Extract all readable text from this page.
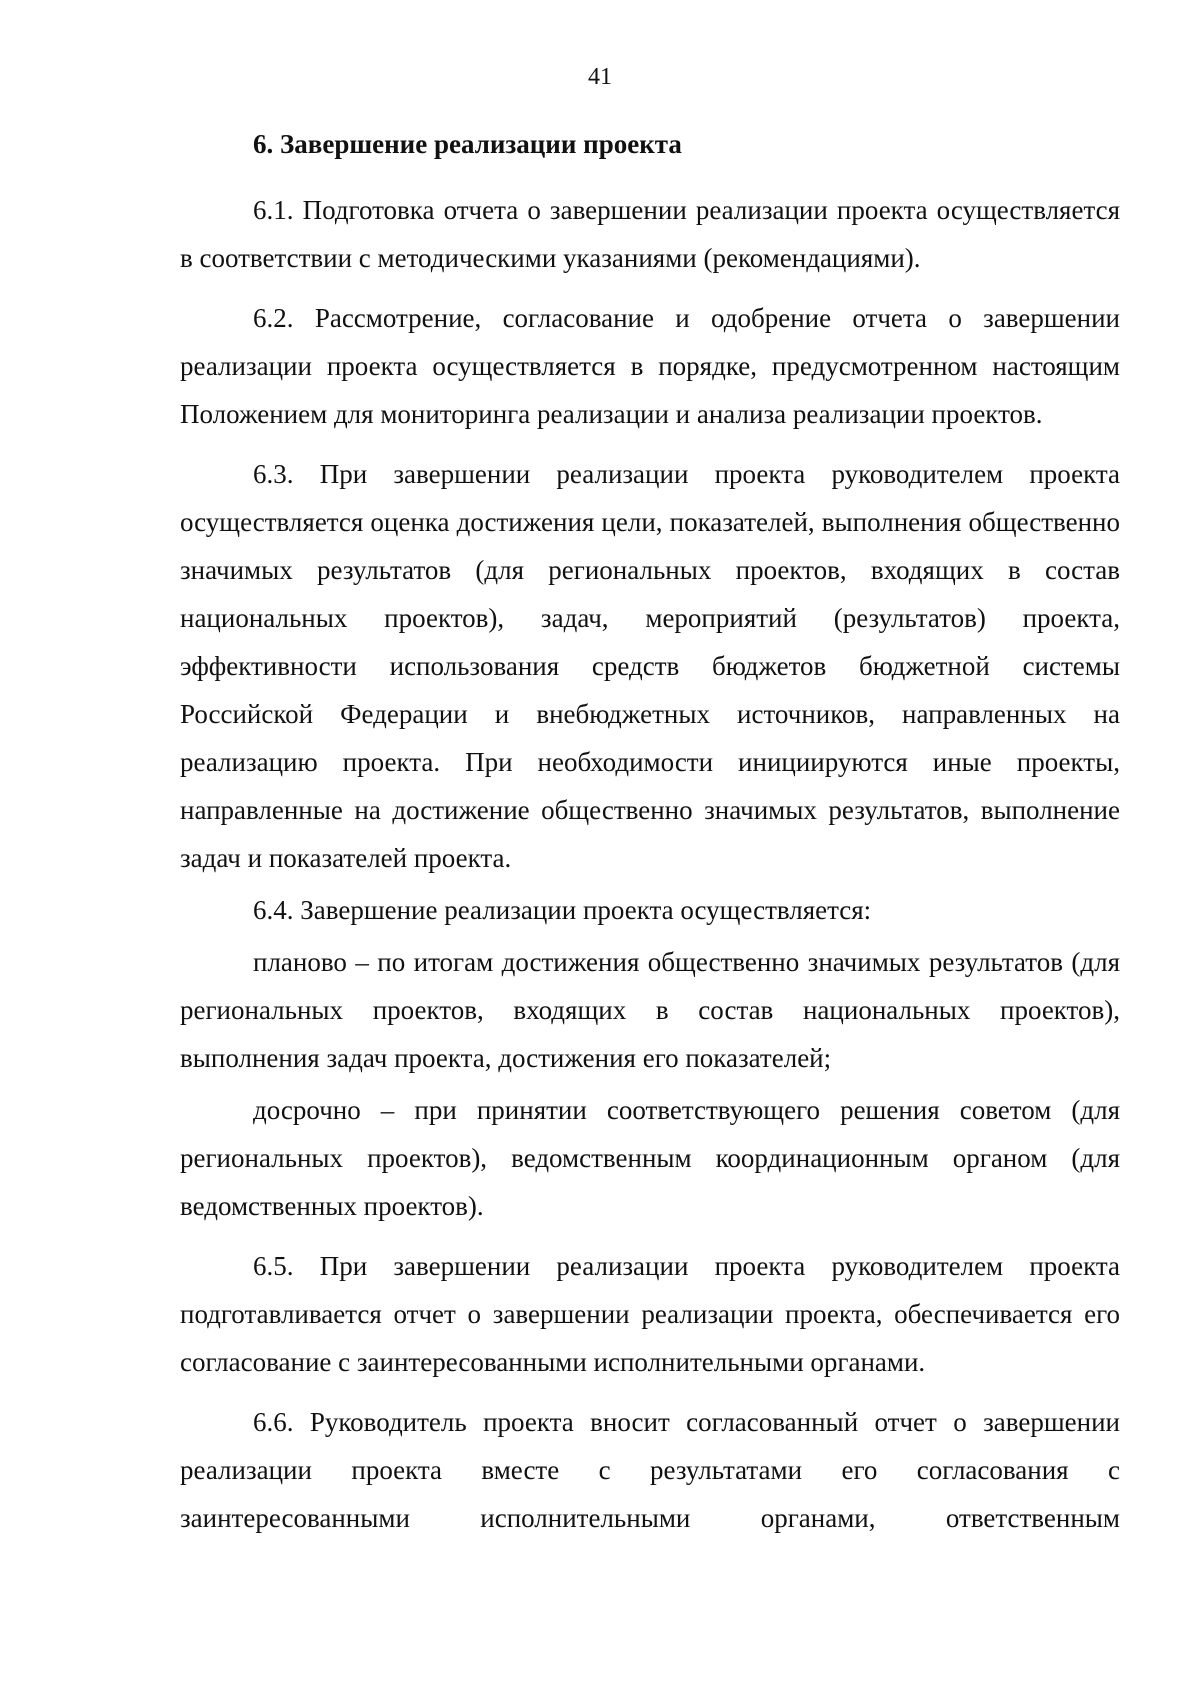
41

6. Завершение реализации проекта

6.1. Подготовка отчета о завершении реализации проекта осуществляется в соответствии с методическими указаниями (рекомендациями).

6.2. Рассмотрение, согласование и одобрение отчета о завершении реализации проекта осуществляется в порядке, предусмотренном настоящим Положением для мониторинга реализации и анализа реализации проектов.

6.3. При завершении реализации проекта руководителем проекта осуществляется оценка достижения цели, показателей, выполнения общественно значимых результатов (для региональных проектов, входящих в состав национальных проектов), задач, мероприятий (результатов) проекта, эффективности использования средств бюджетов бюджетной системы Российской Федерации и внебюджетных источников, направленных на реализацию проекта. При необходимости инициируются иные проекты, направленные на достижение общественно значимых результатов, выполнение задач и показателей проекта.

6.4. Завершение реализации проекта осуществляется:

планово – по итогам достижения общественно значимых результатов (для региональных проектов, входящих в состав национальных проектов), выполнения задач проекта, достижения его показателей;

досрочно – при принятии соответствующего решения советом (для региональных проектов), ведомственным координационным органом (для ведомственных проектов).

6.5. При завершении реализации проекта руководителем проекта подготавливается отчет о завершении реализации проекта, обеспечивается его согласование с заинтересованными исполнительными органами.

6.6. Руководитель проекта вносит согласованный отчет о завершении реализации проекта вместе с результатами его согласования с заинтересованными исполнительными органами, ответственным
